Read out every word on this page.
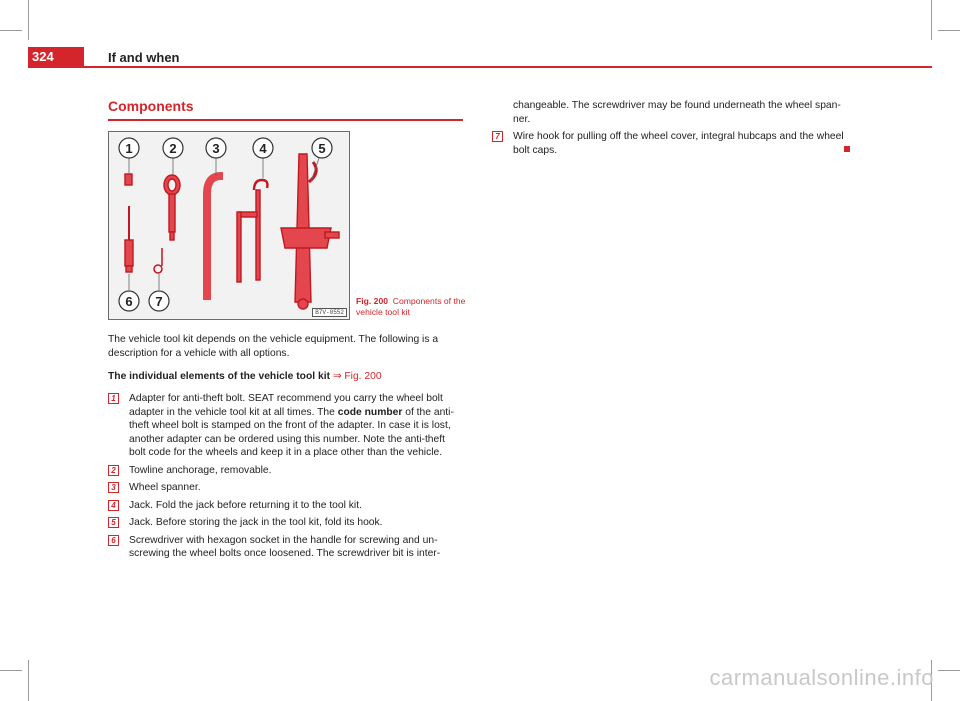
324	If and when
Components
1	2	3	4	5
6 7
B7V-0552
Fig. 200 Components of the vehicle tool kit
The vehicle tool kit depends on the vehicle equipment. The following is a description for a vehicle with all options.
The individual elements of the vehicle tool kit ⇒ Fig. 200
1	Adapter for anti-theft bolt. SEAT recommend you carry the wheel bolt adapter in the vehicle tool kit at all times. The code number of the anti-theft wheel bolt is stamped on the front of the adapter. In case it is lost, another adapter can be ordered using this number. Note the anti-theft bolt code for the wheels and keep it in a place other than the vehicle.
2	Towline anchorage, removable.
3	Wheel spanner.
4	Jack. Fold the jack before returning it to the tool kit.
5	Jack. Before storing the jack in the tool kit, fold its hook.
6	Screwdriver with hexagon socket in the handle for screwing and un-screwing the wheel bolts once loosened. The screwdriver bit is inter-
changeable. The screwdriver may be found underneath the wheel span-ner.
7	Wire hook for pulling off the wheel cover, integral hubcaps and the wheel bolt caps.
carmanualsonline.info
